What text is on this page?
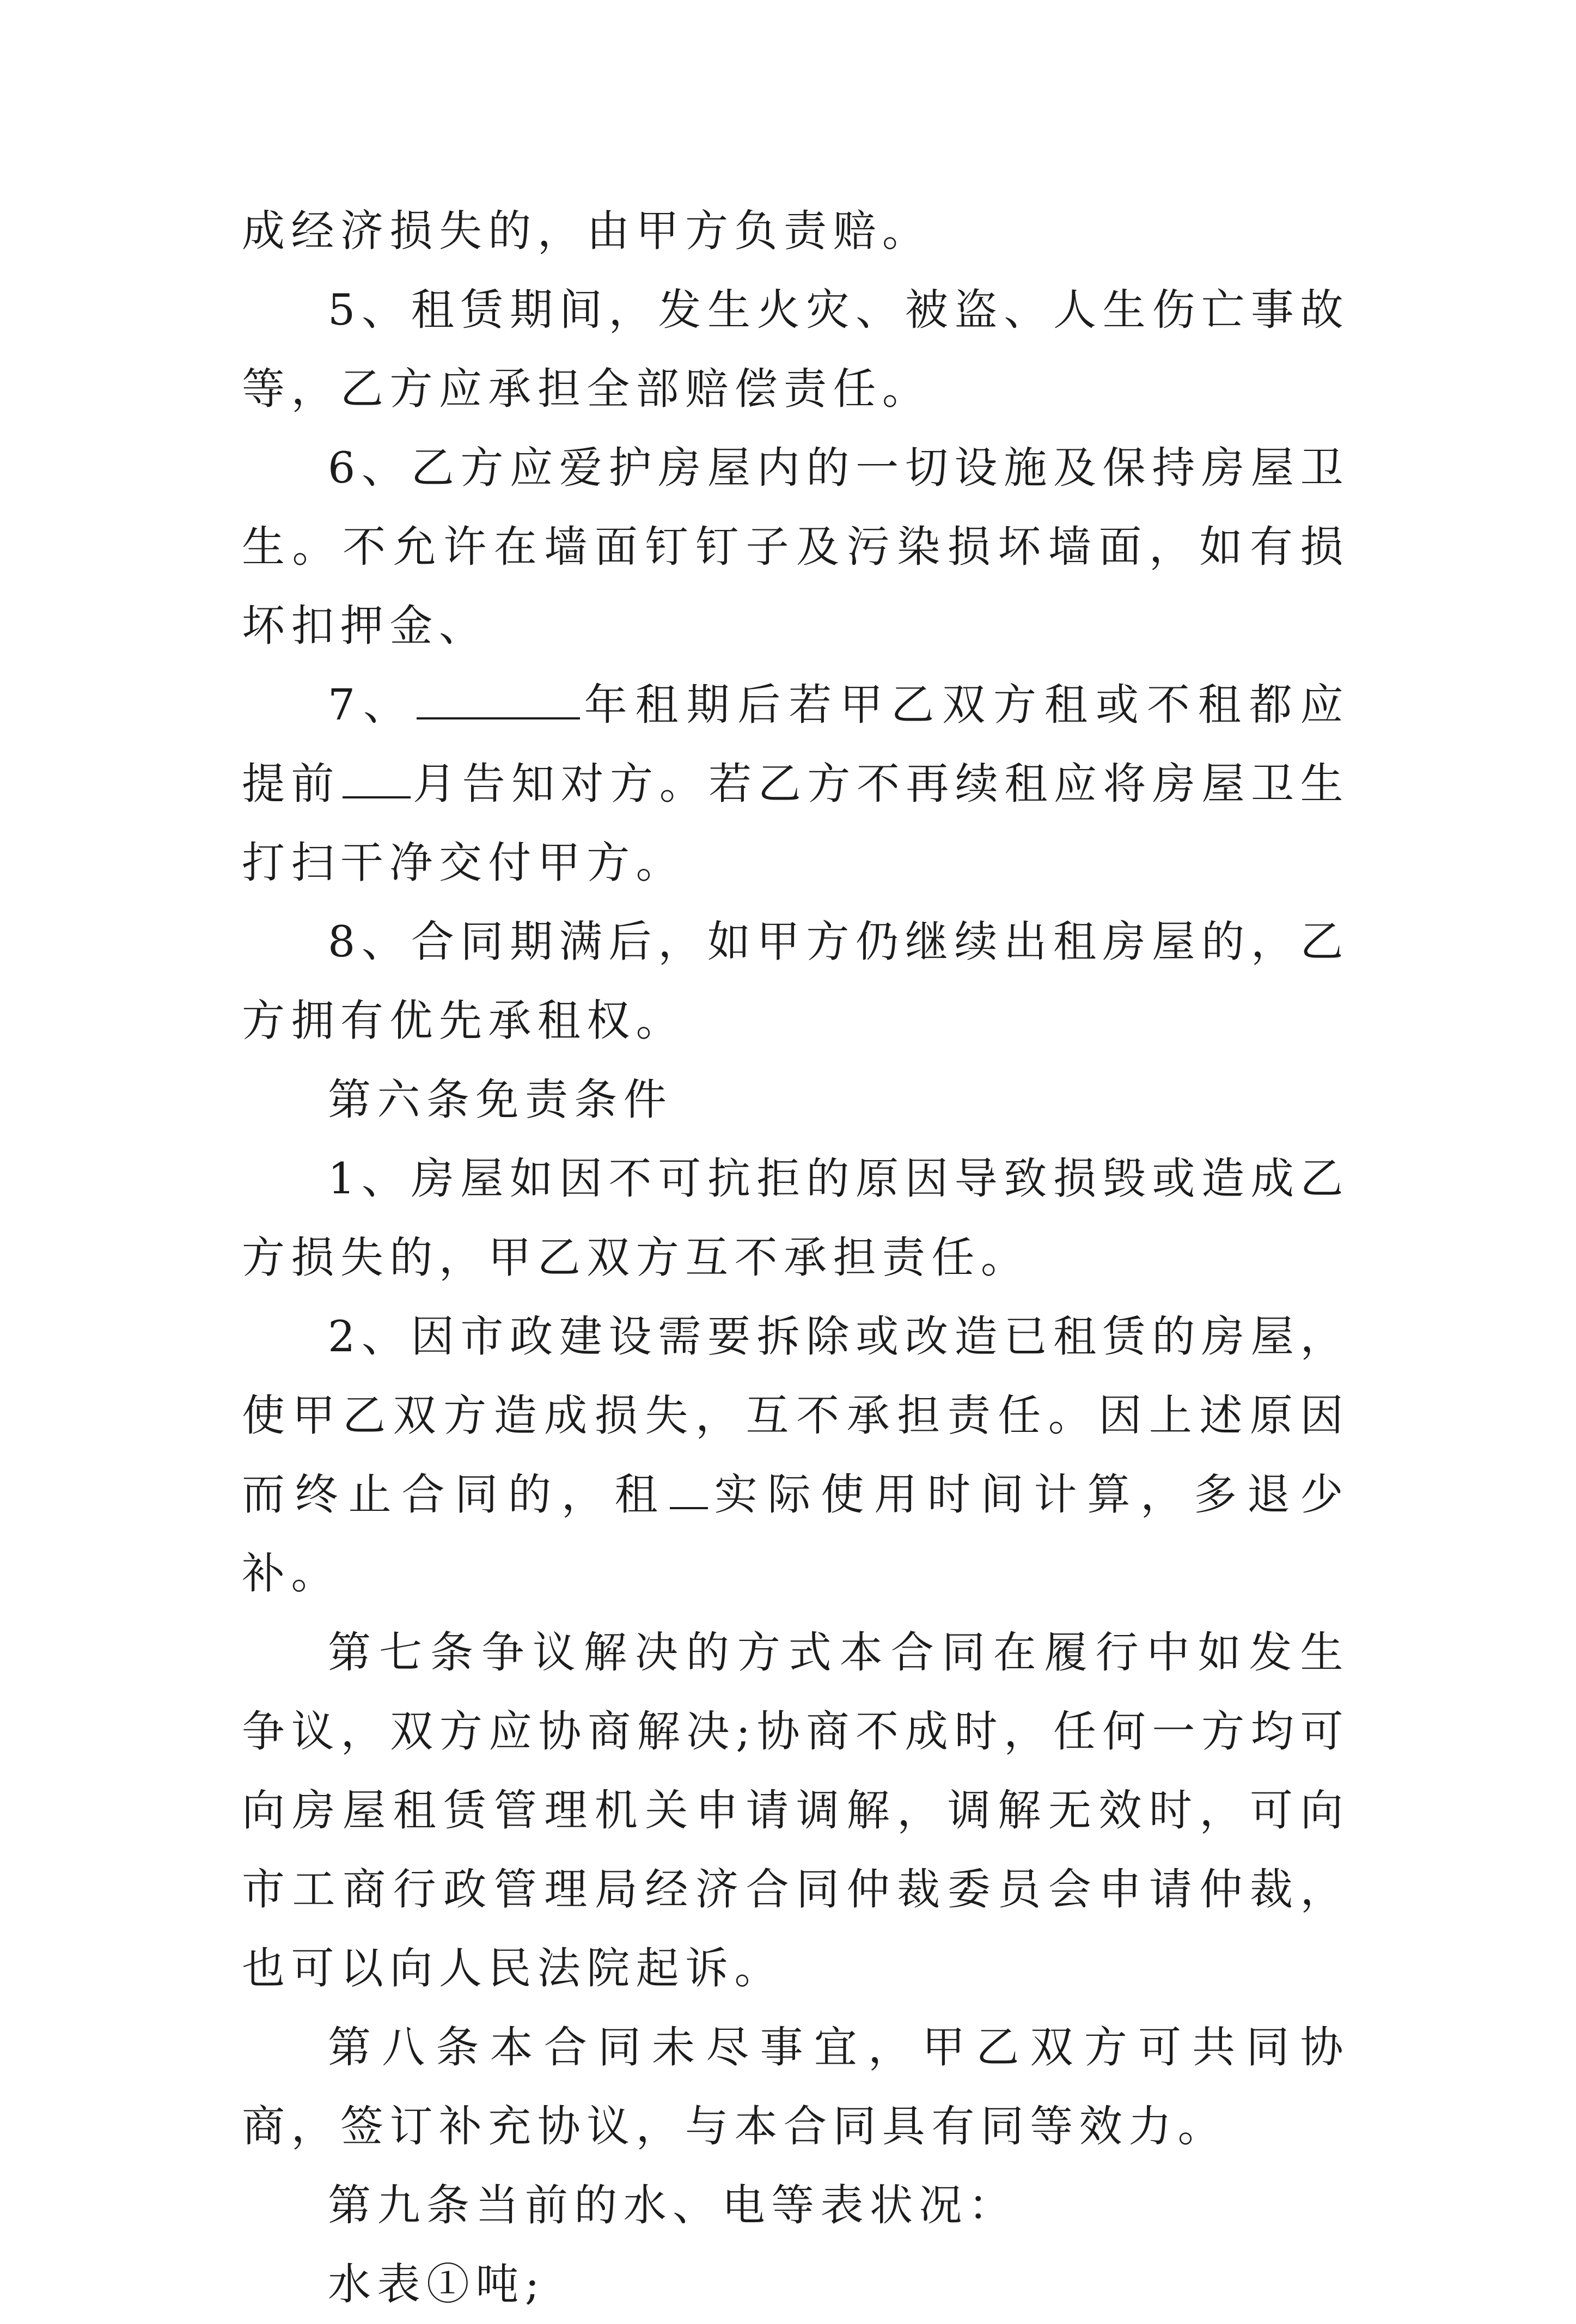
成经济损失的，由甲方负责赔。

5、租赁期间，发生火灾、被盗、人生伤亡事故等，乙方应承担全部赔偿责任。

6、乙方应爱护房屋内的一切设施及保持房屋卫生。不允许在墙面钉钉子及污染损坏墙面，如有损坏扣押金、

7、	年租期后若甲乙双方租或不租都应提前 月告知对方。若乙方不再续租应将房屋卫生打扫干净交付甲方。

8、合同期满后，如甲方仍继续出租房屋的，乙方拥有优先承租权。

第六条免责条件

1、房屋如因不可抗拒的原因导致损毁或造成乙方损失的，甲乙双方互不承担责任。

2、因市政建设需要拆除或改造已租赁的房屋，使甲乙双方造成损失，互不承担责任。因上述原因而终止合同的，租 实际使用时间计算，多退少补。

第七条争议解决的方式本合同在履行中如发生争议，双方应协商解决;协商不成时，任何一方均可向房屋租赁管理机关申请调解，调解无效时，可向市工商行政管理局经济合同仲裁委员会申请仲裁，也可以向人民法院起诉。

第八条本合同未尽事宜，甲乙双方可共同协商，签订补充协议，与本合同具有同等效力。

第九条当前的水、电等表状况：

水表①吨;
